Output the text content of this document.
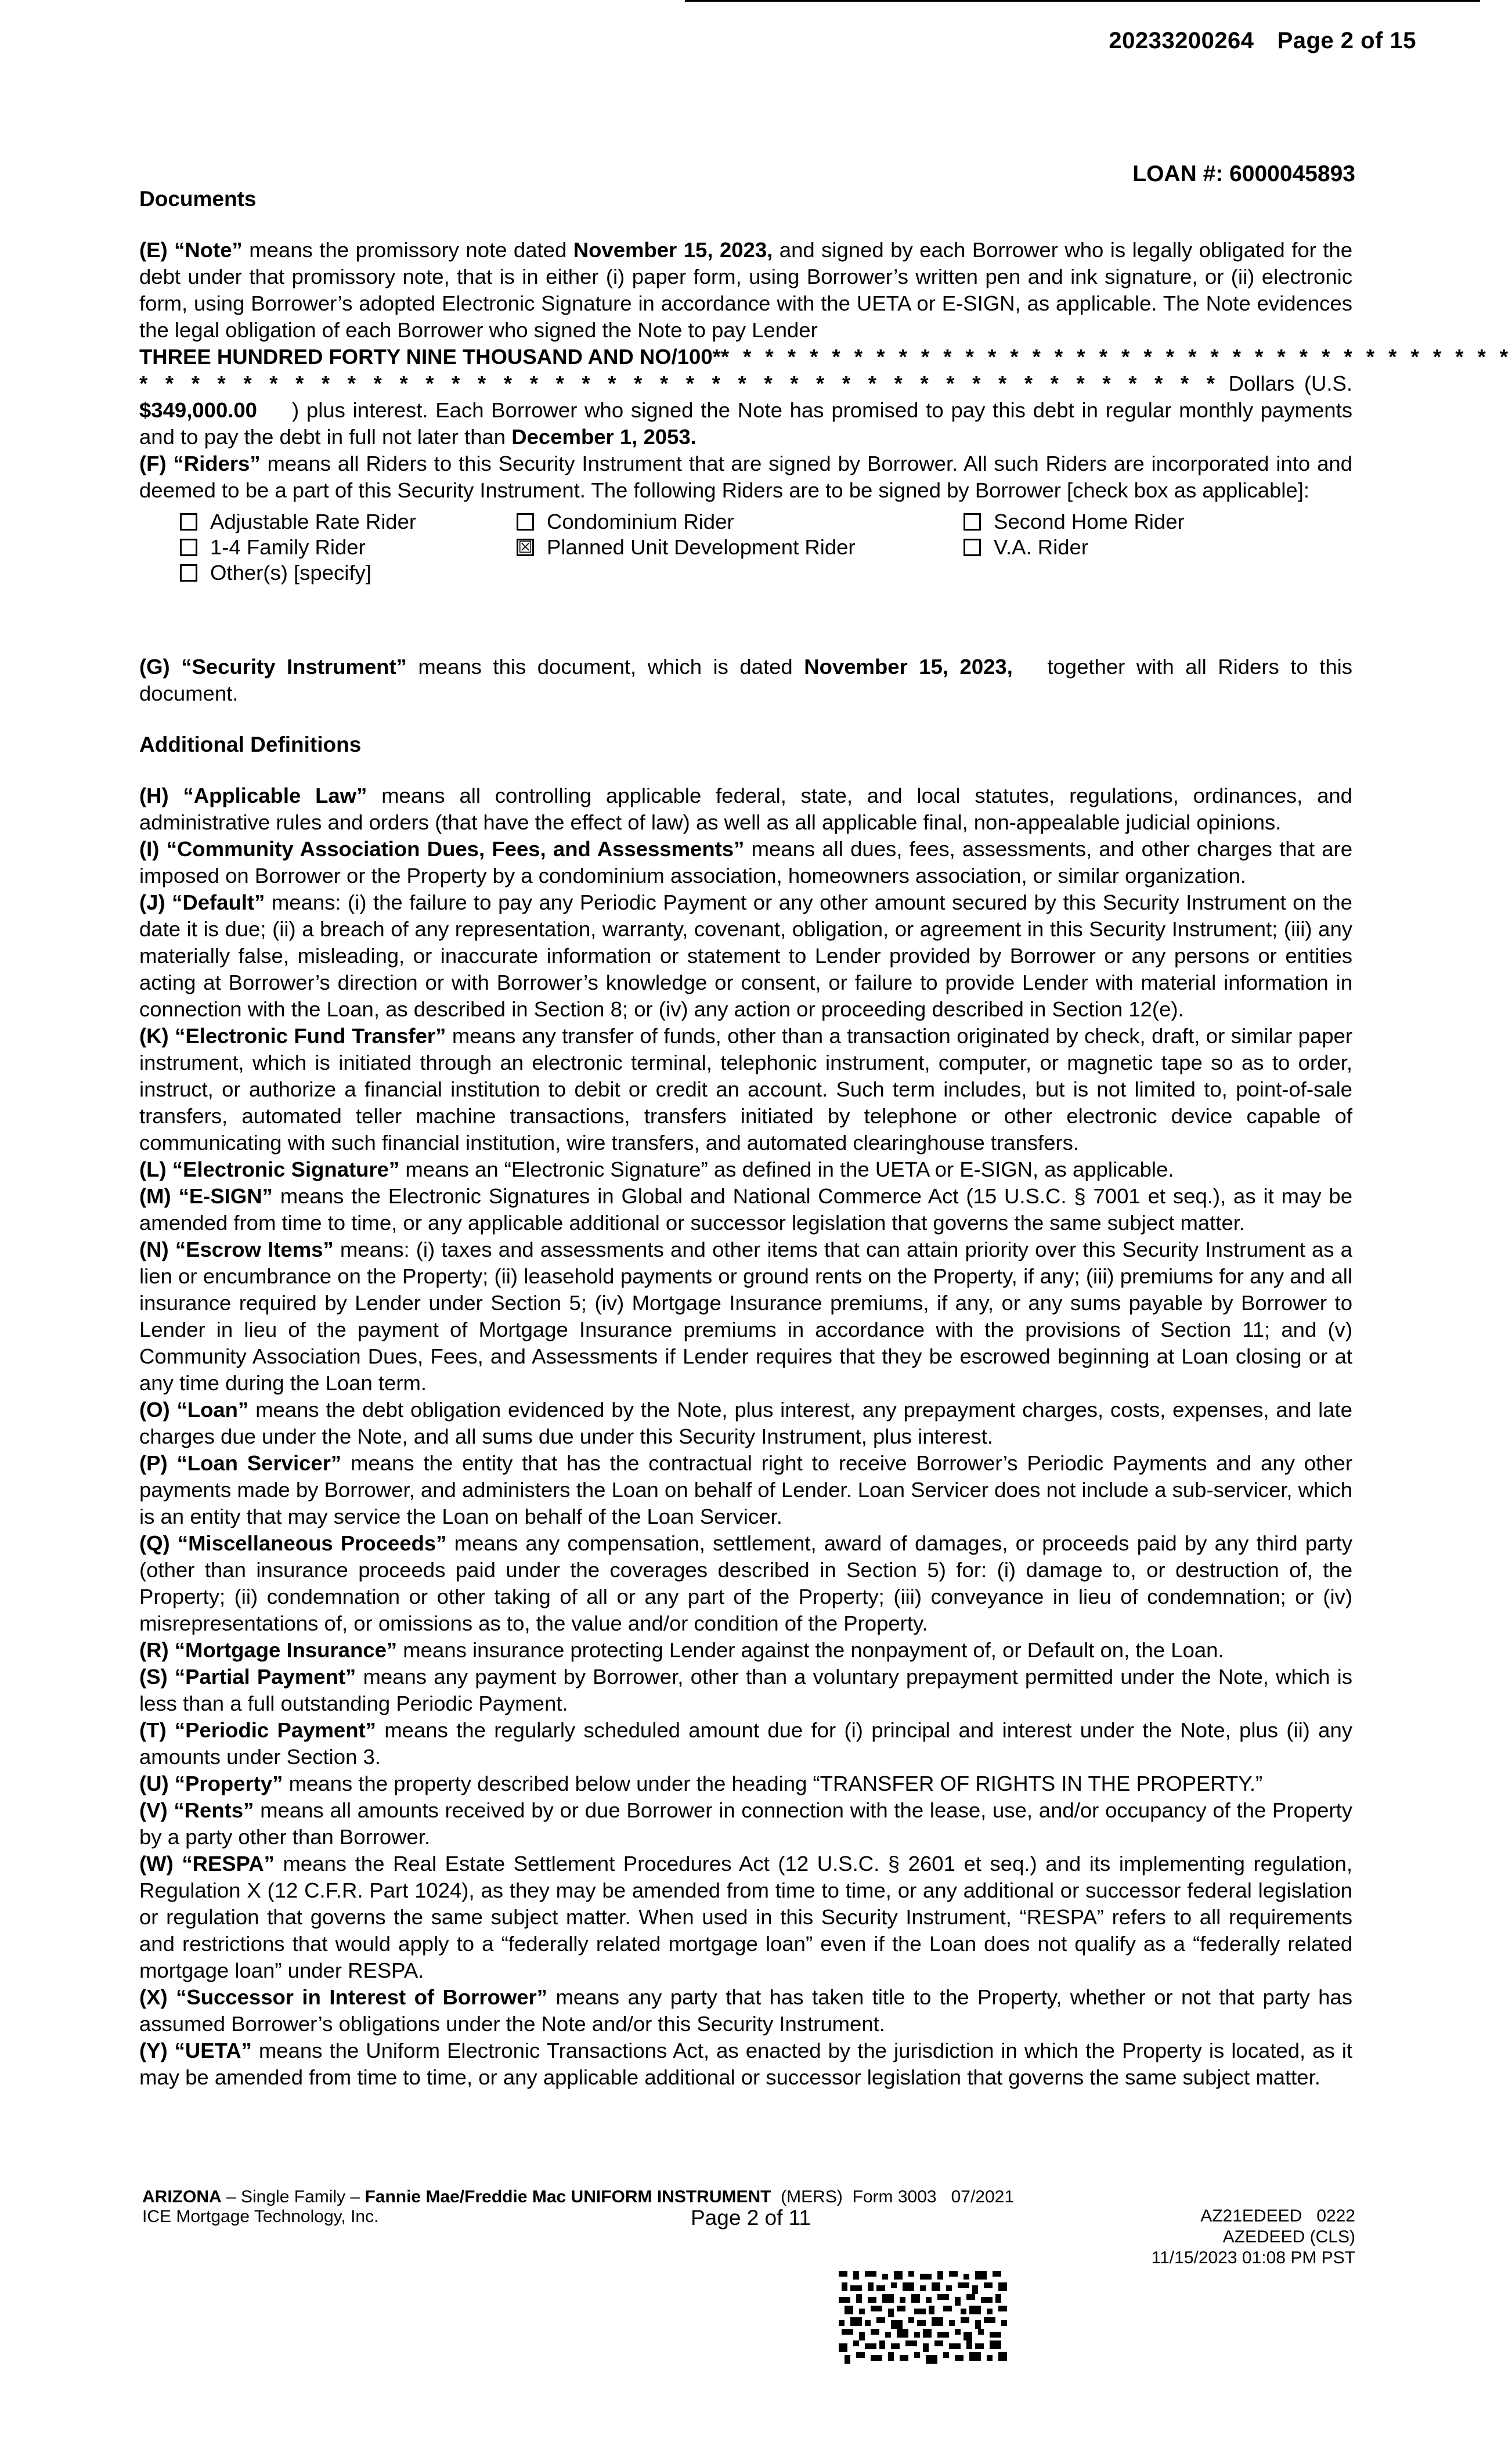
20233200264 Page 2 of 15
LOAN #: 6000045893

Documents

(E) “Note” means the promissory note dated November 15, 2023, and signed by each Borrower who is legally obligated for the debt under that promissory note, that is in either (i) paper form, using Borrower’s written pen and ink signature, or (ii) electronic form, using Borrower’s adopted Electronic Signature in accordance with the UETA or E-SIGN, as applicable. The Note evidences the legal obligation of each Borrower who signed the Note to pay Lender

THREE HUNDRED FORTY NINE THOUSAND AND NO/100** * * * * * * * * * * * * * * * * * * * * * * * * * * * * * * * * * * *

* * * * * * * * * * * * * * * * * * * * * * * * * * * * * * * * * * * * * * * * * * Dollars (U.S. $349,000.00 ) plus interest. Each Borrower who signed the Note has promised to pay this debt in regular monthly payments and to pay the debt in full not later than December 1, 2053.

(F) “Riders” means all Riders to this Security Instrument that are signed by Borrower. All such Riders are incorporated into and deemed to be a part of this Security Instrument. The following Riders are to be signed by Borrower [check box as applicable]:

Adjustable Rate Rider	Condominium Rider	Second Home Rider
1-4 Family Rider	☒ Planned Unit Development Rider	V.A. Rider
Other(s) [specify]

(G) “Security Instrument” means this document, which is dated November 15, 2023, together with all Riders to this document.

Additional Definitions

(H) “Applicable Law” means all controlling applicable federal, state, and local statutes, regulations, ordinances, and administrative rules and orders (that have the effect of law) as well as all applicable final, non-appealable judicial opinions.

(I) “Community Association Dues, Fees, and Assessments” means all dues, fees, assessments, and other charges that are imposed on Borrower or the Property by a condominium association, homeowners association, or similar organization.

(J) “Default” means: (i) the failure to pay any Periodic Payment or any other amount secured by this Security Instrument on the date it is due; (ii) a breach of any representation, warranty, covenant, obligation, or agreement in this Security Instrument; (iii) any materially false, misleading, or inaccurate information or statement to Lender provided by Borrower or any persons or entities acting at Borrower’s direction or with Borrower’s knowledge or consent, or failure to provide Lender with material information in connection with the Loan, as described in Section 8; or (iv) any action or proceeding described in Section 12(e).

(K) “Electronic Fund Transfer” means any transfer of funds, other than a transaction originated by check, draft, or similar paper instrument, which is initiated through an electronic terminal, telephonic instrument, computer, or magnetic tape so as to order, instruct, or authorize a financial institution to debit or credit an account. Such term includes, but is not limited to, point-of-sale transfers, automated teller machine transactions, transfers initiated by telephone or other electronic device capable of communicating with such financial institution, wire transfers, and automated clearinghouse transfers.

(L) “Electronic Signature” means an “Electronic Signature” as defined in the UETA or E-SIGN, as applicable.

(M) “E-SIGN” means the Electronic Signatures in Global and National Commerce Act (15 U.S.C. § 7001 et seq.), as it may be amended from time to time, or any applicable additional or successor legislation that governs the same subject matter.

(N) “Escrow Items” means: (i) taxes and assessments and other items that can attain priority over this Security Instrument as a lien or encumbrance on the Property; (ii) leasehold payments or ground rents on the Property, if any; (iii) premiums for any and all insurance required by Lender under Section 5; (iv) Mortgage Insurance premiums, if any, or any sums payable by Borrower to Lender in lieu of the payment of Mortgage Insurance premiums in accordance with the provisions of Section 11; and (v) Community Association Dues, Fees, and Assessments if Lender requires that they be escrowed beginning at Loan closing or at any time during the Loan term.

(O) “Loan” means the debt obligation evidenced by the Note, plus interest, any prepayment charges, costs, expenses, and late charges due under the Note, and all sums due under this Security Instrument, plus interest.

(P) “Loan Servicer” means the entity that has the contractual right to receive Borrower’s Periodic Payments and any other payments made by Borrower, and administers the Loan on behalf of Lender. Loan Servicer does not include a sub-servicer, which is an entity that may service the Loan on behalf of the Loan Servicer.

(Q) “Miscellaneous Proceeds” means any compensation, settlement, award of damages, or proceeds paid by any third party (other than insurance proceeds paid under the coverages described in Section 5) for: (i) damage to, or destruction of, the Property; (ii) condemnation or other taking of all or any part of the Property; (iii) conveyance in lieu of condemnation; or (iv) misrepresentations of, or omissions as to, the value and/or condition of the Property.

(R) “Mortgage Insurance” means insurance protecting Lender against the nonpayment of, or Default on, the Loan.

(S) “Partial Payment” means any payment by Borrower, other than a voluntary prepayment permitted under the Note, which is less than a full outstanding Periodic Payment.

(T) “Periodic Payment” means the regularly scheduled amount due for (i) principal and interest under the Note, plus (ii) any amounts under Section 3.

(U) “Property” means the property described below under the heading “TRANSFER OF RIGHTS IN THE PROPERTY.”

(V) “Rents” means all amounts received by or due Borrower in connection with the lease, use, and/or occupancy of the Property by a party other than Borrower.

(W) “RESPA” means the Real Estate Settlement Procedures Act (12 U.S.C. § 2601 et seq.) and its implementing regulation, Regulation X (12 C.F.R. Part 1024), as they may be amended from time to time, or any additional or successor federal legislation or regulation that governs the same subject matter. When used in this Security Instrument, “RESPA” refers to all requirements and restrictions that would apply to a “federally related mortgage loan” even if the Loan does not qualify as a “federally related mortgage loan” under RESPA.

(X) “Successor in Interest of Borrower” means any party that has taken title to the Property, whether or not that party has assumed Borrower’s obligations under the Note and/or this Security Instrument.

(Y) “UETA” means the Uniform Electronic Transactions Act, as enacted by the jurisdiction in which the Property is located, as it may be amended from time to time, or any applicable additional or successor legislation that governs the same subject matter.

ARIZONA – Single Family – Fannie Mae/Freddie Mac UNIFORM INSTRUMENT  (MERS)  Form 3003   07/2021
ICE Mortgage Technology, Inc.	Page 2 of 11	AZ21EDEED   0222
AZEDEED (CLS)
11/15/2023 01:08 PM PST
